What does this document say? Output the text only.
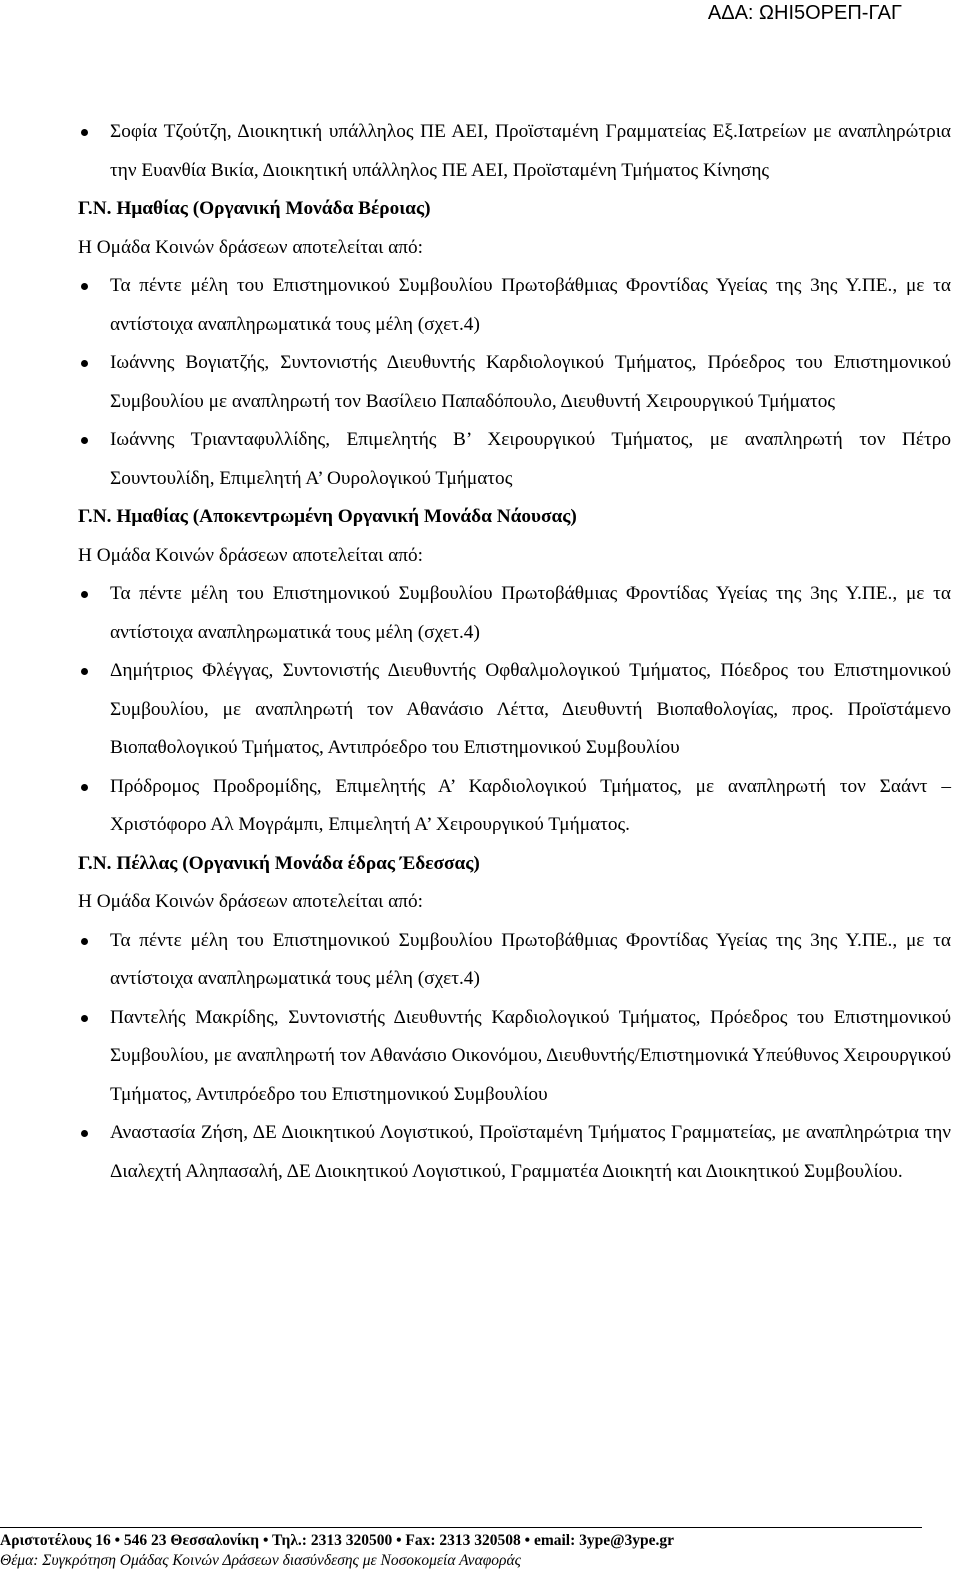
ΑΔΑ: ΩΗΙ5ΟΡΕΠ-ΓΑΓ
Σοφία Τζούτζη, Διοικητική υπάλληλος ΠΕ ΑΕΙ, Προϊσταμένη Γραμματείας Εξ.Ιατρείων με αναπληρώτρια την Ευανθία Βικία, Διοικητική υπάλληλος ΠΕ ΑΕΙ, Προϊσταμένη Τμήματος Κίνησης
Γ.Ν. Ημαθίας (Οργανική Μονάδα Βέροιας)
Η Ομάδα Κοινών δράσεων αποτελείται από:
Τα πέντε μέλη του Επιστημονικού Συμβουλίου Πρωτοβάθμιας Φροντίδας Υγείας της 3ης Υ.ΠΕ., με τα αντίστοιχα αναπληρωματικά τους μέλη (σχετ.4)
Ιωάννης Βογιατζής, Συντονιστής Διευθυντής Καρδιολογικού Τμήματος, Πρόεδρος του Επιστημονικού Συμβουλίου με αναπληρωτή τον Βασίλειο Παπαδόπουλο, Διευθυντή Χειρουργικού Τμήματος
Ιωάννης Τριανταφυλλίδης, Επιμελητής Β’ Χειρουργικού Τμήματος, με αναπληρωτή τον Πέτρο Σουντουλίδη, Επιμελητή Α’ Ουρολογικού Τμήματος
Γ.Ν. Ημαθίας (Αποκεντρωμένη Οργανική Μονάδα Νάουσας)
Η Ομάδα Κοινών δράσεων αποτελείται από:
Τα πέντε μέλη του Επιστημονικού Συμβουλίου Πρωτοβάθμιας Φροντίδας Υγείας της 3ης Υ.ΠΕ., με τα αντίστοιχα αναπληρωματικά τους μέλη (σχετ.4)
Δημήτριος Φλέγγας, Συντονιστής Διευθυντής Οφθαλμολογικού Τμήματος, Πόεδρος του Επιστημονικού Συμβουλίου, με αναπληρωτή τον Αθανάσιο Λέττα, Διευθυντή Βιοπαθολογίας, προς. Προϊστάμενο Βιοπαθολογικού Τμήματος, Αντιπρόεδρο του Επιστημονικού Συμβουλίου
Πρόδρομος Προδρομίδης, Επιμελητής Α’ Καρδιολογικού Τμήματος, με αναπληρωτή τον Σαάντ – Χριστόφορο Αλ Μογράμπι, Επιμελητή Α’ Χειρουργικού Τμήματος.
Γ.Ν. Πέλλας (Οργανική Μονάδα έδρας Έδεσσας)
Η Ομάδα Κοινών δράσεων αποτελείται από:
Τα πέντε μέλη του Επιστημονικού Συμβουλίου Πρωτοβάθμιας Φροντίδας Υγείας της 3ης Υ.ΠΕ., με τα αντίστοιχα αναπληρωματικά τους μέλη (σχετ.4)
Παντελής Μακρίδης, Συντονιστής Διευθυντής Καρδιολογικού Τμήματος, Πρόεδρος του Επιστημονικού Συμβουλίου, με αναπληρωτή τον Αθανάσιο Οικονόμου, Διευθυντής/Επιστημονικά Υπεύθυνος Χειρουργικού Τμήματος, Αντιπρόεδρο του Επιστημονικού Συμβουλίου
Αναστασία Ζήση, ΔΕ Διοικητικού Λογιστικού, Προϊσταμένη Τμήματος Γραμματείας, με αναπληρώτρια την Διαλεχτή Αληπασαλή, ΔΕ Διοικητικού Λογιστικού, Γραμματέα Διοικητή και Διοικητικού Συμβουλίου.
Αριστοτέλους 16 • 546 23 Θεσσαλονίκη • Τηλ.: 2313 320500 • Fax: 2313 320508 • email: 3ype@3ype.gr
Θέμα: Συγκρότηση Ομάδας Κοινών Δράσεων διασύνδεσης με Νοσοκομεία Αναφοράς
